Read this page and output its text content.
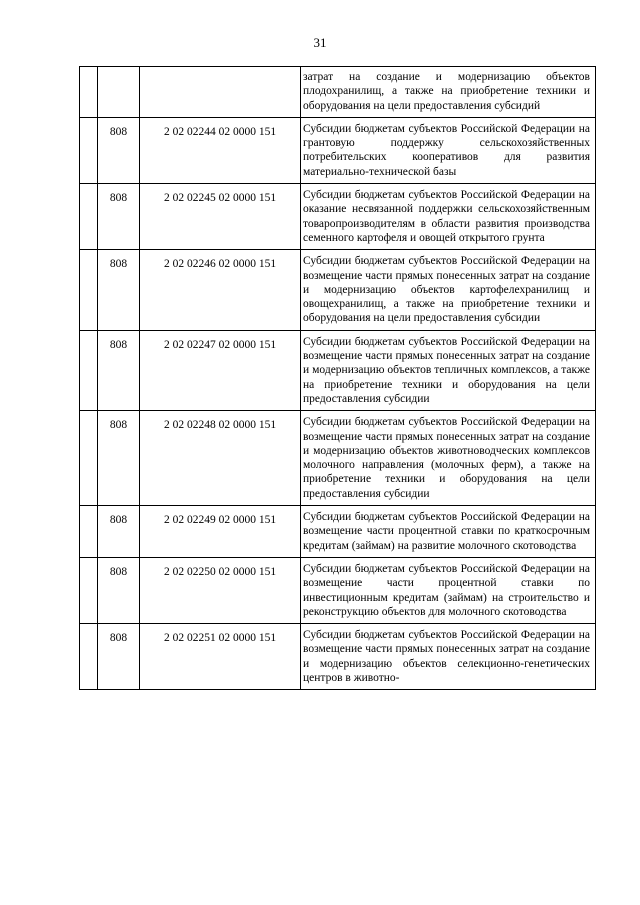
31

			затрат на создание и модернизацию объектов плодохранилищ, а также на приобретение техники и оборудования на цели предоставления субсидий

	808	2 02 02244 02 0000 151	Субсидии бюджетам субъектов Российской Федерации на грантовую поддержку сельскохозяйственных потребительских кооперативов для развития материально-технической базы

	808	2 02 02245 02 0000 151	Субсидии бюджетам субъектов Российской Федерации на оказание несвязанной поддержки сельскохозяйственным товаропроизводителям в области развития производства семенного картофеля и овощей открытого грунта

	808	2 02 02246 02 0000 151	Субсидии бюджетам субъектов Российской Федерации на возмещение части прямых понесенных затрат на создание и модернизацию объектов картофелехранилищ и овощехранилищ, а также на приобретение техники и оборудования на цели предоставления субсидии

	808	2 02 02247 02 0000 151	Субсидии бюджетам субъектов Российской Федерации на возмещение части прямых понесенных затрат на создание и модернизацию объектов тепличных комплексов, а также на приобретение техники и оборудования на цели предоставления субсидии

	808	2 02 02248 02 0000 151	Субсидии бюджетам субъектов Российской Федерации на возмещение части прямых понесенных затрат на создание и модернизацию объектов животноводческих комплексов молочного направления (молочных ферм), а также на приобретение техники и оборудования на цели предоставления субсидии

	808	2 02 02249 02 0000 151	Субсидии бюджетам субъектов Российской Федерации на возмещение части процентной ставки по краткосрочным кредитам (займам) на развитие молочного скотоводства

	808	2 02 02250 02 0000 151	Субсидии бюджетам субъектов Российской Федерации на возмещение части процентной ставки по инвестиционным кредитам (займам) на строительство и реконструкцию объектов для молочного скотоводства

	808	2 02 02251 02 0000 151	Субсидии бюджетам субъектов Российской Федерации на возмещение части прямых понесенных затрат на создание и модернизацию объектов селекционно-генетических центров в животно-
